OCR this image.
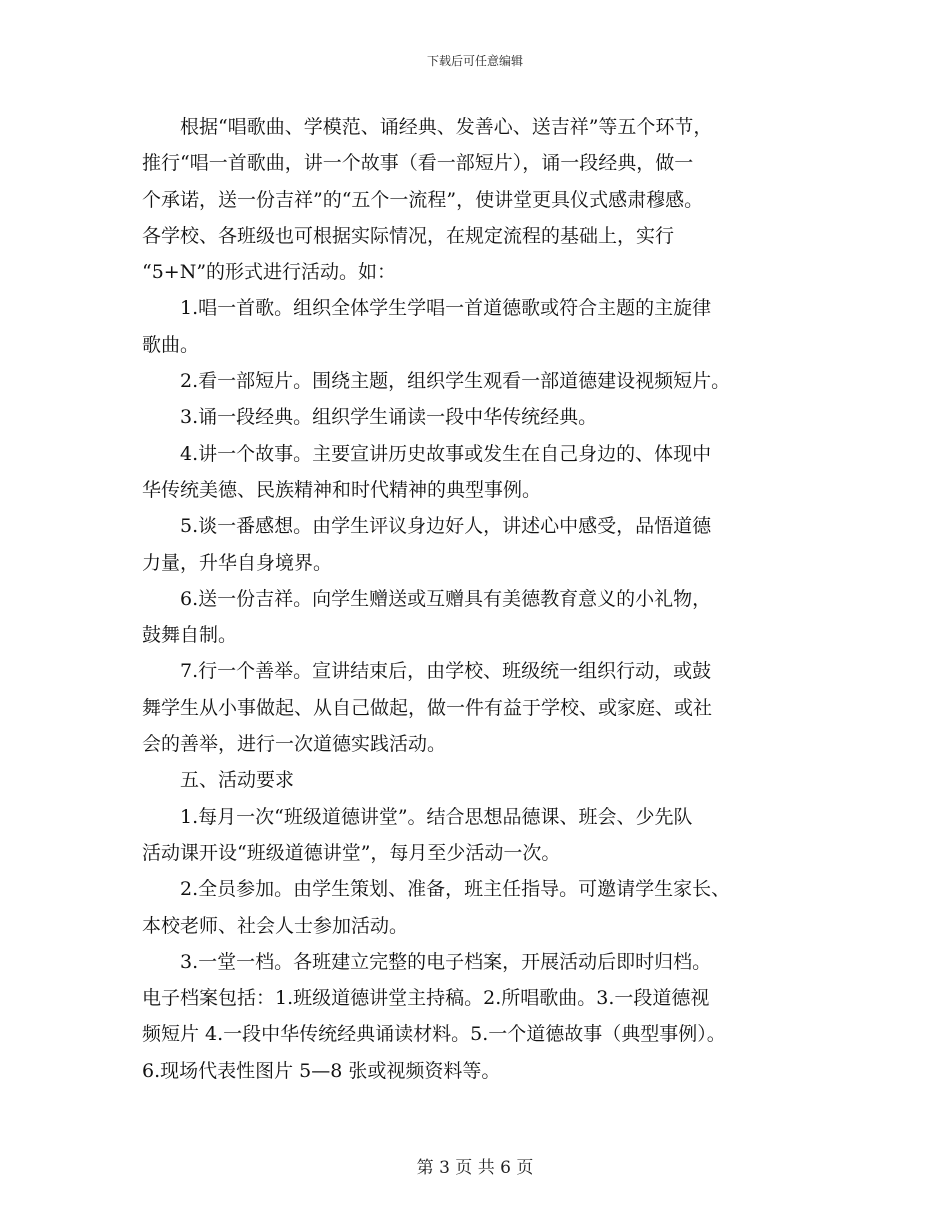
下载后可任意编辑
根据“唱歌曲、学模范、诵经典、发善心、送吉祥”等五个环节，
推行“唱一首歌曲，讲一个故事（看一部短片），诵一段经典，做一
个承诺，送一份吉祥”的“五个一流程”，使讲堂更具仪式感肃穆感。
各学校、各班级也可根据实际情况，在规定流程的基础上，实行
“5+N”的形式进行活动。如：
1.唱一首歌。组织全体学生学唱一首道德歌或符合主题的主旋律
歌曲。
2.看一部短片。围绕主题，组织学生观看一部道德建设视频短片。
3.诵一段经典。组织学生诵读一段中华传统经典。
4.讲一个故事。主要宣讲历史故事或发生在自己身边的、体现中
华传统美德、民族精神和时代精神的典型事例。
5.谈一番感想。由学生评议身边好人，讲述心中感受，品悟道德
力量，升华自身境界。
6.送一份吉祥。向学生赠送或互赠具有美德教育意义的小礼物，
鼓舞自制。
7.行一个善举。宣讲结束后，由学校、班级统一组织行动，或鼓
舞学生从小事做起、从自己做起，做一件有益于学校、或家庭、或社
会的善举，进行一次道德实践活动。
五、活动要求
1.每月一次“班级道德讲堂”。结合思想品德课、班会、少先队
活动课开设“班级道德讲堂”，每月至少活动一次。
2.全员参加。由学生策划、准备，班主任指导。可邀请学生家长、
本校老师、社会人士参加活动。
3.一堂一档。各班建立完整的电子档案，开展活动后即时归档。
电子档案包括：1.班级道德讲堂主持稿。2.所唱歌曲。3.一段道德视
频短片 4.一段中华传统经典诵读材料。5.一个道德故事（典型事例）。
6.现场代表性图片 5—8 张或视频资料等。
第 3 页 共 6 页
